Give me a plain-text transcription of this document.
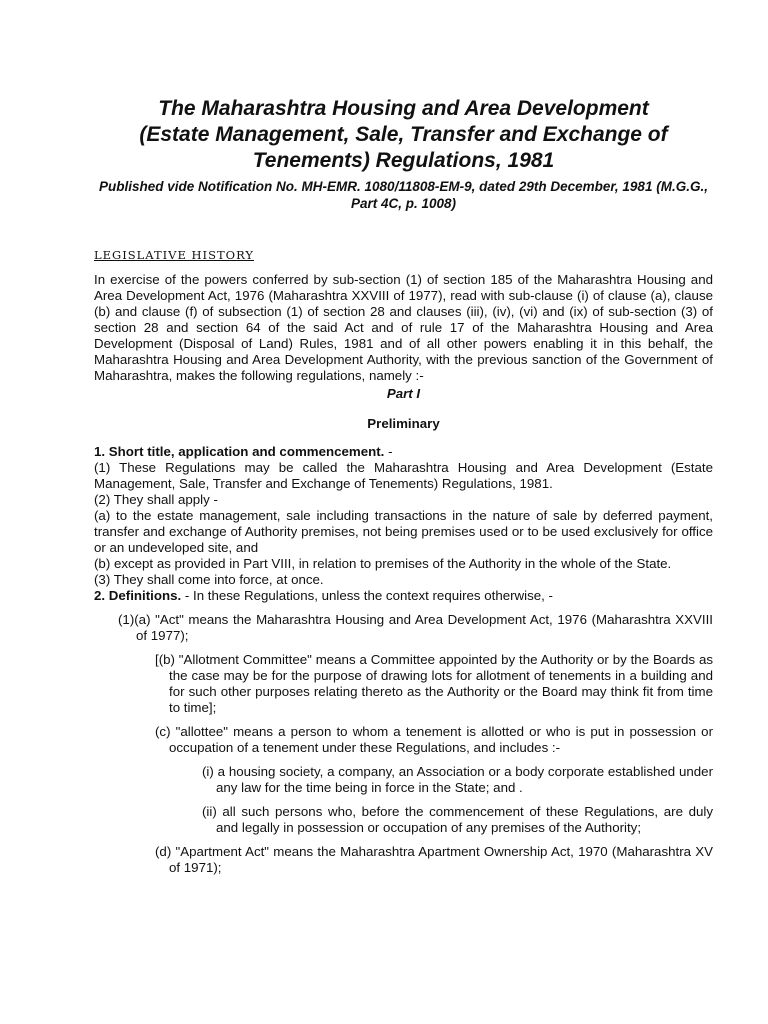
The Maharashtra Housing and Area Development
(Estate Management, Sale, Transfer and Exchange of
Tenements) Regulations, 1981

Published vide Notification No. MH-EMR. 1080/11808-EM-9, dated 29th December, 1981 (M.G.G., Part 4C, p. 1008)

LEGISLATIVE HISTORY

In exercise of the powers conferred by sub-section (1) of section 185 of the Maharashtra Housing and Area Development Act, 1976 (Maharashtra XXVIII of 1977), read with sub-clause (i) of clause (a), clause (b) and clause (f) of subsection (1) of section 28 and clauses (iii), (iv), (vi) and (ix) of sub-section (3) of section 28 and section 64 of the said Act and of rule 17 of the Maharashtra Housing and Area Development (Disposal of Land) Rules, 1981 and of all other powers enabling it in this behalf, the Maharashtra Housing and Area Development Authority, with the previous sanction of the Government of Maharashtra, makes the following regulations, namely :-

Part I

Preliminary

1. Short title, application and commencement. -

(1) These Regulations may be called the Maharashtra Housing and Area Development (Estate Management, Sale, Transfer and Exchange of Tenements) Regulations, 1981.

(2) They shall apply -

(a) to the estate management, sale including transactions in the nature of sale by deferred payment, transfer and exchange of Authority premises, not being premises used or to be used exclusively for office or an undeveloped site, and

(b) except as provided in Part VIII, in relation to premises of the Authority in the whole of the State.

(3) They shall come into force, at once.

2. Definitions. - In these Regulations, unless the context requires otherwise, -

(1)(a) "Act" means the Maharashtra Housing and Area Development Act, 1976 (Maharashtra XXVIII of 1977);

[(b) "Allotment Committee" means a Committee appointed by the Authority or by the Boards as the case may be for the purpose of drawing lots for allotment of tenements in a building and for such other purposes relating thereto as the Authority or the Board may think fit from time to time];

(c) "allottee" means a person to whom a tenement is allotted or who is put in possession or occupation of a tenement under these Regulations, and includes :-

(i) a housing society, a company, an Association or a body corporate established under any law for the time being in force in the State; and .

(ii) all such persons who, before the commencement of these Regulations, are duly and legally in possession or occupation of any premises of the Authority;

(d) "Apartment Act" means the Maharashtra Apartment Ownership Act, 1970 (Maharashtra XV of 1971);
